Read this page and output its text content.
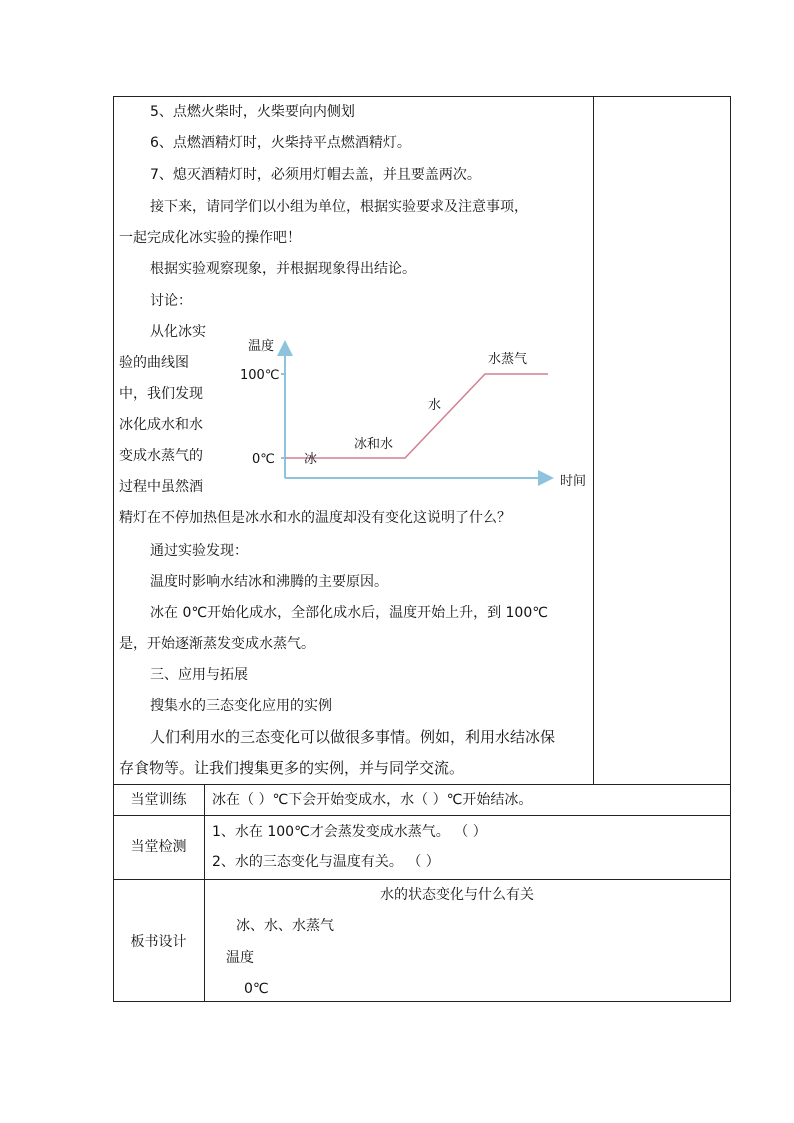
5、点燃火柴时，火柴要向内侧划
6、点燃酒精灯时，火柴持平点燃酒精灯。
7、熄灭酒精灯时，必须用灯帽去盖，并且要盖两次。
接下来，请同学们以小组为单位，根据实验要求及注意事项，
一起完成化冰实验的操作吧！
根据实验观察现象，并根据现象得出结论。
讨论：
从化冰实
验的曲线图
中，我们发现
冰化成水和水
变成水蒸气的
过程中虽然酒
精灯在不停加热但是冰水和水的温度却没有变化这说明了什么？
温度
时间
100℃
0℃ 冰
冰和水
水
水蒸气
通过实验发现：
温度时影响水结冰和沸腾的主要原因。
冰在 0℃开始化成水，全部化成水后，温度开始上升，到 100℃
是，开始逐渐蒸发变成水蒸气。
三、应用与拓展
搜集水的三态变化应用的实例
人们利用水的三态变化可以做很多事情。例如，利用水结冰保
存食物等。让我们搜集更多的实例，并与同学交流。
当堂训练	冰在（ ）℃下会开始变成水，水（ ）℃开始结冰。
当堂检测
1、水在 100℃才会蒸发变成水蒸气。 （ ）
2、水的三态变化与温度有关。 （ ）
板书设计
水的状态变化与什么有关
冰、水、水蒸气
温度
0℃
